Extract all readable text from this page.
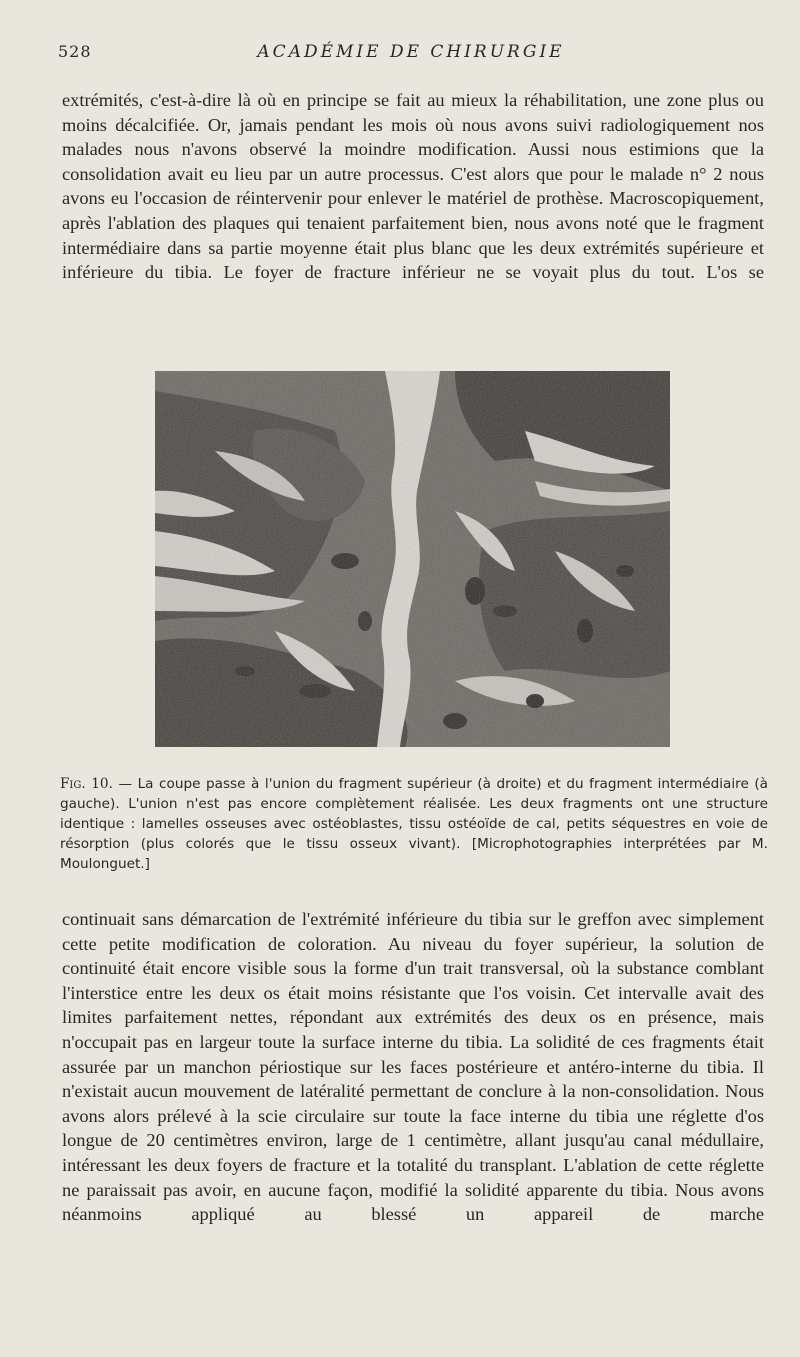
528	ACADÉMIE DE CHIRURGIE

extrémités, c'est-à-dire là où en principe se fait au mieux la réhabilitation, une zone plus ou moins décalcifiée. Or, jamais pendant les mois où nous avons suivi radiologiquement nos malades nous n'avons observé la moindre modification. Aussi nous estimions que la consolidation avait eu lieu par un autre processus. C'est alors que pour le malade n° 2 nous avons eu l'occasion de réintervenir pour enlever le matériel de prothèse. Macroscopiquement, après l'ablation des plaques qui tenaient parfaitement bien, nous avons noté que le fragment intermédiaire dans sa partie moyenne était plus blanc que les deux extrémités supérieure et inférieure du tibia. Le foyer de fracture inférieur ne se voyait plus du tout. L'os se

Fig. 10. — La coupe passe à l'union du fragment supérieur (à droite) et du fragment intermédiaire (à gauche). L'union n'est pas encore complètement réalisée. Les deux fragments ont une structure identique : lamelles osseuses avec ostéoblastes, tissu ostéoïde de cal, petits séquestres en voie de résorption (plus colorés que le tissu osseux vivant). [Microphotographies interprétées par M. Moulonguet.]

continuait sans démarcation de l'extrémité inférieure du tibia sur le greffon avec simplement cette petite modification de coloration. Au niveau du foyer supérieur, la solution de continuité était encore visible sous la forme d'un trait transversal, où la substance comblant l'interstice entre les deux os était moins résistante que l'os voisin. Cet intervalle avait des limites parfaitement nettes, répondant aux extrémités des deux os en présence, mais n'occupait pas en largeur toute la surface interne du tibia. La solidité de ces fragments était assurée par un manchon périostique sur les faces postérieure et antéro-interne du tibia. Il n'existait aucun mouvement de latéralité permettant de conclure à la non-consolidation. Nous avons alors prélevé à la scie circulaire sur toute la face interne du tibia une réglette d'os longue de 20 centimètres environ, large de 1 centimètre, allant jusqu'au canal médullaire, intéressant les deux foyers de fracture et la totalité du transplant. L'ablation de cette réglette ne paraissait pas avoir, en aucune façon, modifié la solidité apparente du tibia. Nous avons néanmoins appliqué au blessé un appareil de marche
